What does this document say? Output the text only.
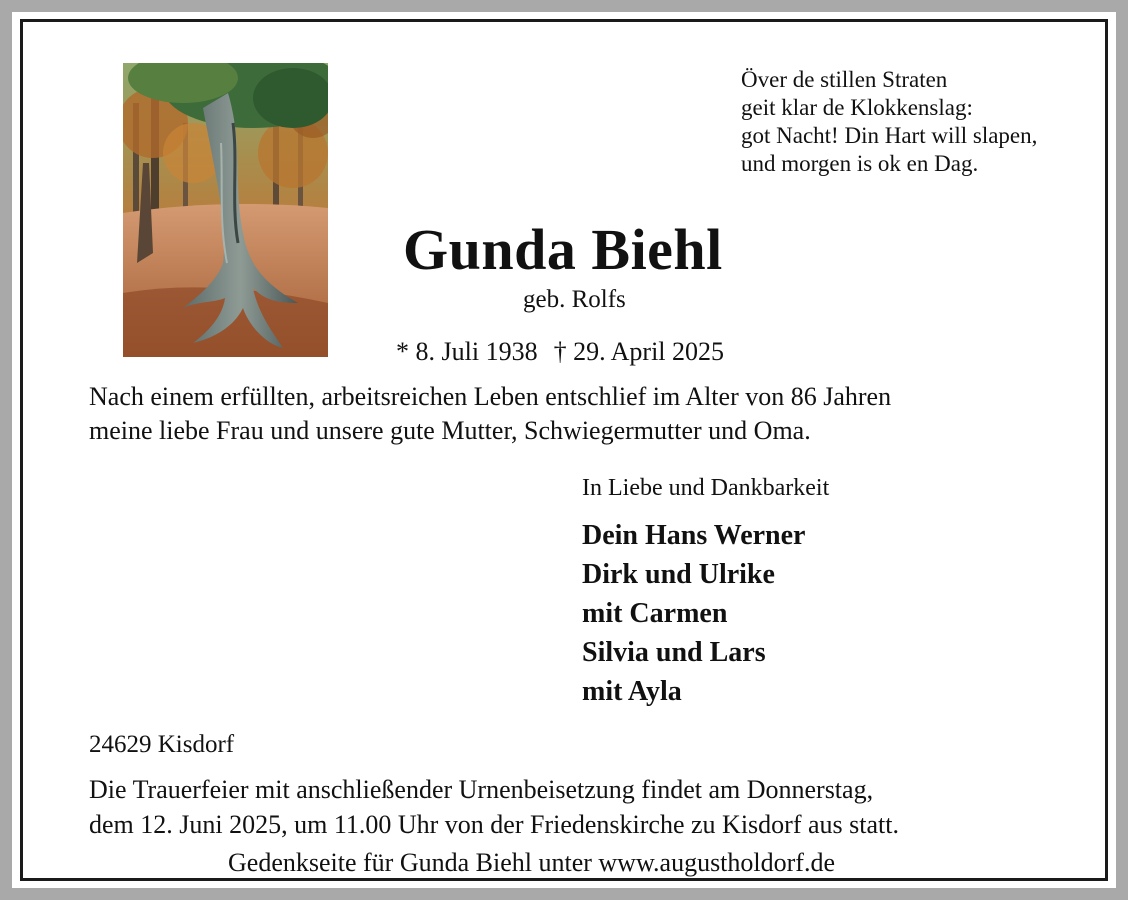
Över de stillen Straten
geit klar de Klokkenslag:
got Nacht! Din Hart will slapen,
und morgen is ok en Dag.
Gunda Biehl
geb. Rolfs
* 8. Juli 1938 † 29. April 2025
Nach einem erfüllten, arbeitsreichen Leben entschlief im Alter von 86 Jahren
meine liebe Frau und unsere gute Mutter, Schwiegermutter und Oma.
In Liebe und Dankbarkeit
Dein Hans Werner
Dirk und Ulrike
mit Carmen
Silvia und Lars
mit Ayla
24629 Kisdorf
Die Trauerfeier mit anschließender Urnenbeisetzung findet am Donnerstag,
dem 12. Juni 2025, um 11.00 Uhr von der Friedenskirche zu Kisdorf aus statt.
Gedenkseite für Gunda Biehl unter www.augustholdorf.de
